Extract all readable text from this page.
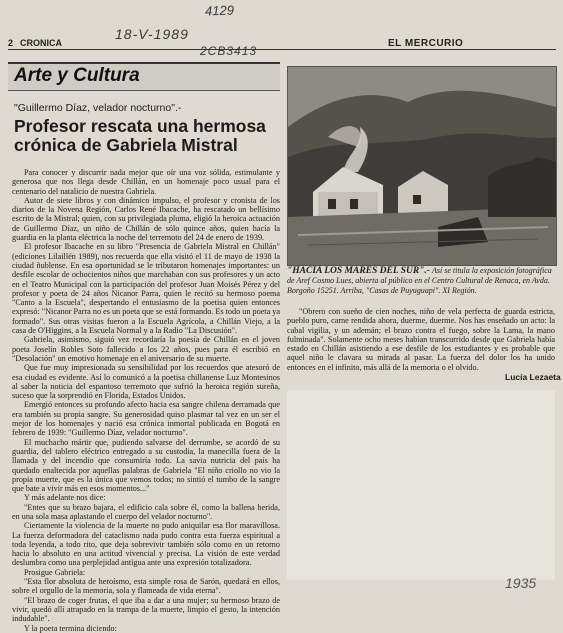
4129
18-V-1989
2CB3413
2 CRONICA	EL MERCURIO
Arte y Cultura
"Guillermo Díaz, velador nocturno".-
Profesor rescata una hermosa crónica de Gabriela Mistral

Para conocer y discurrir nada mejor que oír una voz sólida, estimulante y generosa que nos llega desde Chillán, en un homenaje poco usual para el centenario del natalicio de nuestra Gabriela.

Autor de siete libros y con dinámico impulso, el profesor y cronista de los diarios de la Novena Región, Carlos René Ibacache, ha rescatado un bellísimo escrito de la Mistral; quien, con su privilegiada pluma, eligió la heroica actuación de Guillermo Díaz, un niño de Chillán de sólo quince años, quien hacía la guardia en la planta eléctrica la noche del terremoto del 24 de enero de 1939.

El profesor Ibacache en su libro "Presencia de Gabriela Mistral en Chillán" (ediciones Lilaillén 1989), nos recuerda que ella visitó el 11 de mayo de 1938 la ciudad ñublense. En esa oportunidad se le tributaron homenajes importantes: un desfile escolar de ochocientos niños que marchaban con sus profesores y un acto en el Teatro Municipal con la participación del profesor Juan Moisés Pérez y del profesor y poeta de 24 años Nicanor Parra, quien le recitó su hermoso poema "Canto a la Escuela", despertando el entusiasmo de la poetisa quien entonces expresó: "Nicanor Parra no es un poeta que se está formando. Es todo un poeta ya formado". Sus otras visitas fueron a la Escuela Agrícola, a Chillán Viejo, a la casa de O'Higgins, a la Escuela Normal y a la Radio "La Discusión".

Gabriela, asimismo, siguió vez recordaría la poesía de Chillán en el joven poeta Joselín Robles Soto fallecido a los 22 años, pues para él escribió en "Desolación" un emotivo homenaje en el aniversario de su muerte.

Que fue muy impresionada su sensibilidad por los recuerdos que atesoró de esa ciudad es evidente. Así lo comunicó a la poetisa chillanense Luz Montesinos al saber la noticia del espantoso terremoto que sufrió la heroica región sureña, suceso que la sorprendió en Florida, Estados Unidos.

Emergió entonces su profundo afecto hacia esa sangre chilena derramada que era también su propia sangre. Su generosidad quiso plasmar tal vez en un ser el mejor de los homenajes y nació esa crónica inmortal publicada en Bogotá en febrero de 1939: "Guillermo Díaz, velador nocturno".

El muchacho mártir que, pudiendo salvarse del derrumbe, se acordó de su guardia, del tablero eléctrico entregado a su custodia, la manecilla fuera de la llamada y del incendio que consumiría todo. La savia nutricia del país ha quedado enaltecida por aquellas palabras de Gabriela "El niño criollo no vio la propia muerte, que es la única que vemos todos; no sintió el tumbo de la sangre que bate a vivir más en esos momentos..."

Y más adelante nos dice:

"Entes que su brazo bajara, el edificio cala sobre él, como la ballena herida, en una sola masa aplastando el cuerpo del velador nocturno".

Ciertamente la violencia de la muerte no pudo aniquilar esa flor maravillosa. La fuerza deformadora del cataclismo nada pudo contra esta fuerza espiritual a toda leyenda, a todo rito, que deja sobrevivir también sólo como en un retorno hacia lo absoluto en una actitud vivencial y precisa. La visión de este verdad deslumbra como una perplejidad antigua ante una expresión totalizadora.

Prosigue Gabriela:

"Esta flor absoluta de heroísmo, esta simple rosa de Sarón, quedará en ellos, sobre el orgullo de la memoria, sola y flameada de vida eterna".

"El brazo de coger frutas, el que iba a dar a una mujer; su hermoso brazo de vivir, quedó allí atrapado en la trampa de la muerte, limpio el gesto, la intención indudable".

Y la poeta termina diciendo:

"HACIA LOS MARES DEL SUR".- Así se titula la exposición fotográfica de Aref Cosmo Lues, abierta al público en el Centro Cultural de Renaca, en Avda. Borgoño 15251. Arriba, "Casas de Puyuguapi". XI Región.

"Obrero con sueño de cien noches, niño de vela perfecta de guarda estricta, pueblo puro, carne rendida ahora, duerme, duerme. Nos has enseñado un acto: la cabal vigilia, y un ademán; el brazo contra el fuego, sobre la Lama, la mano fulminada". Solamente ocho meses habían transcurrido desde que Gabriela había estado en Chillán asistiendo a ese desfile de los estudiantes y es probable que aquel niño le clavara su mirada al pasar. La fuerza del dolor los ha unido entonces en el infinito, más allá de la memoria o el olvido.

Lucía Lezaeta
1935
